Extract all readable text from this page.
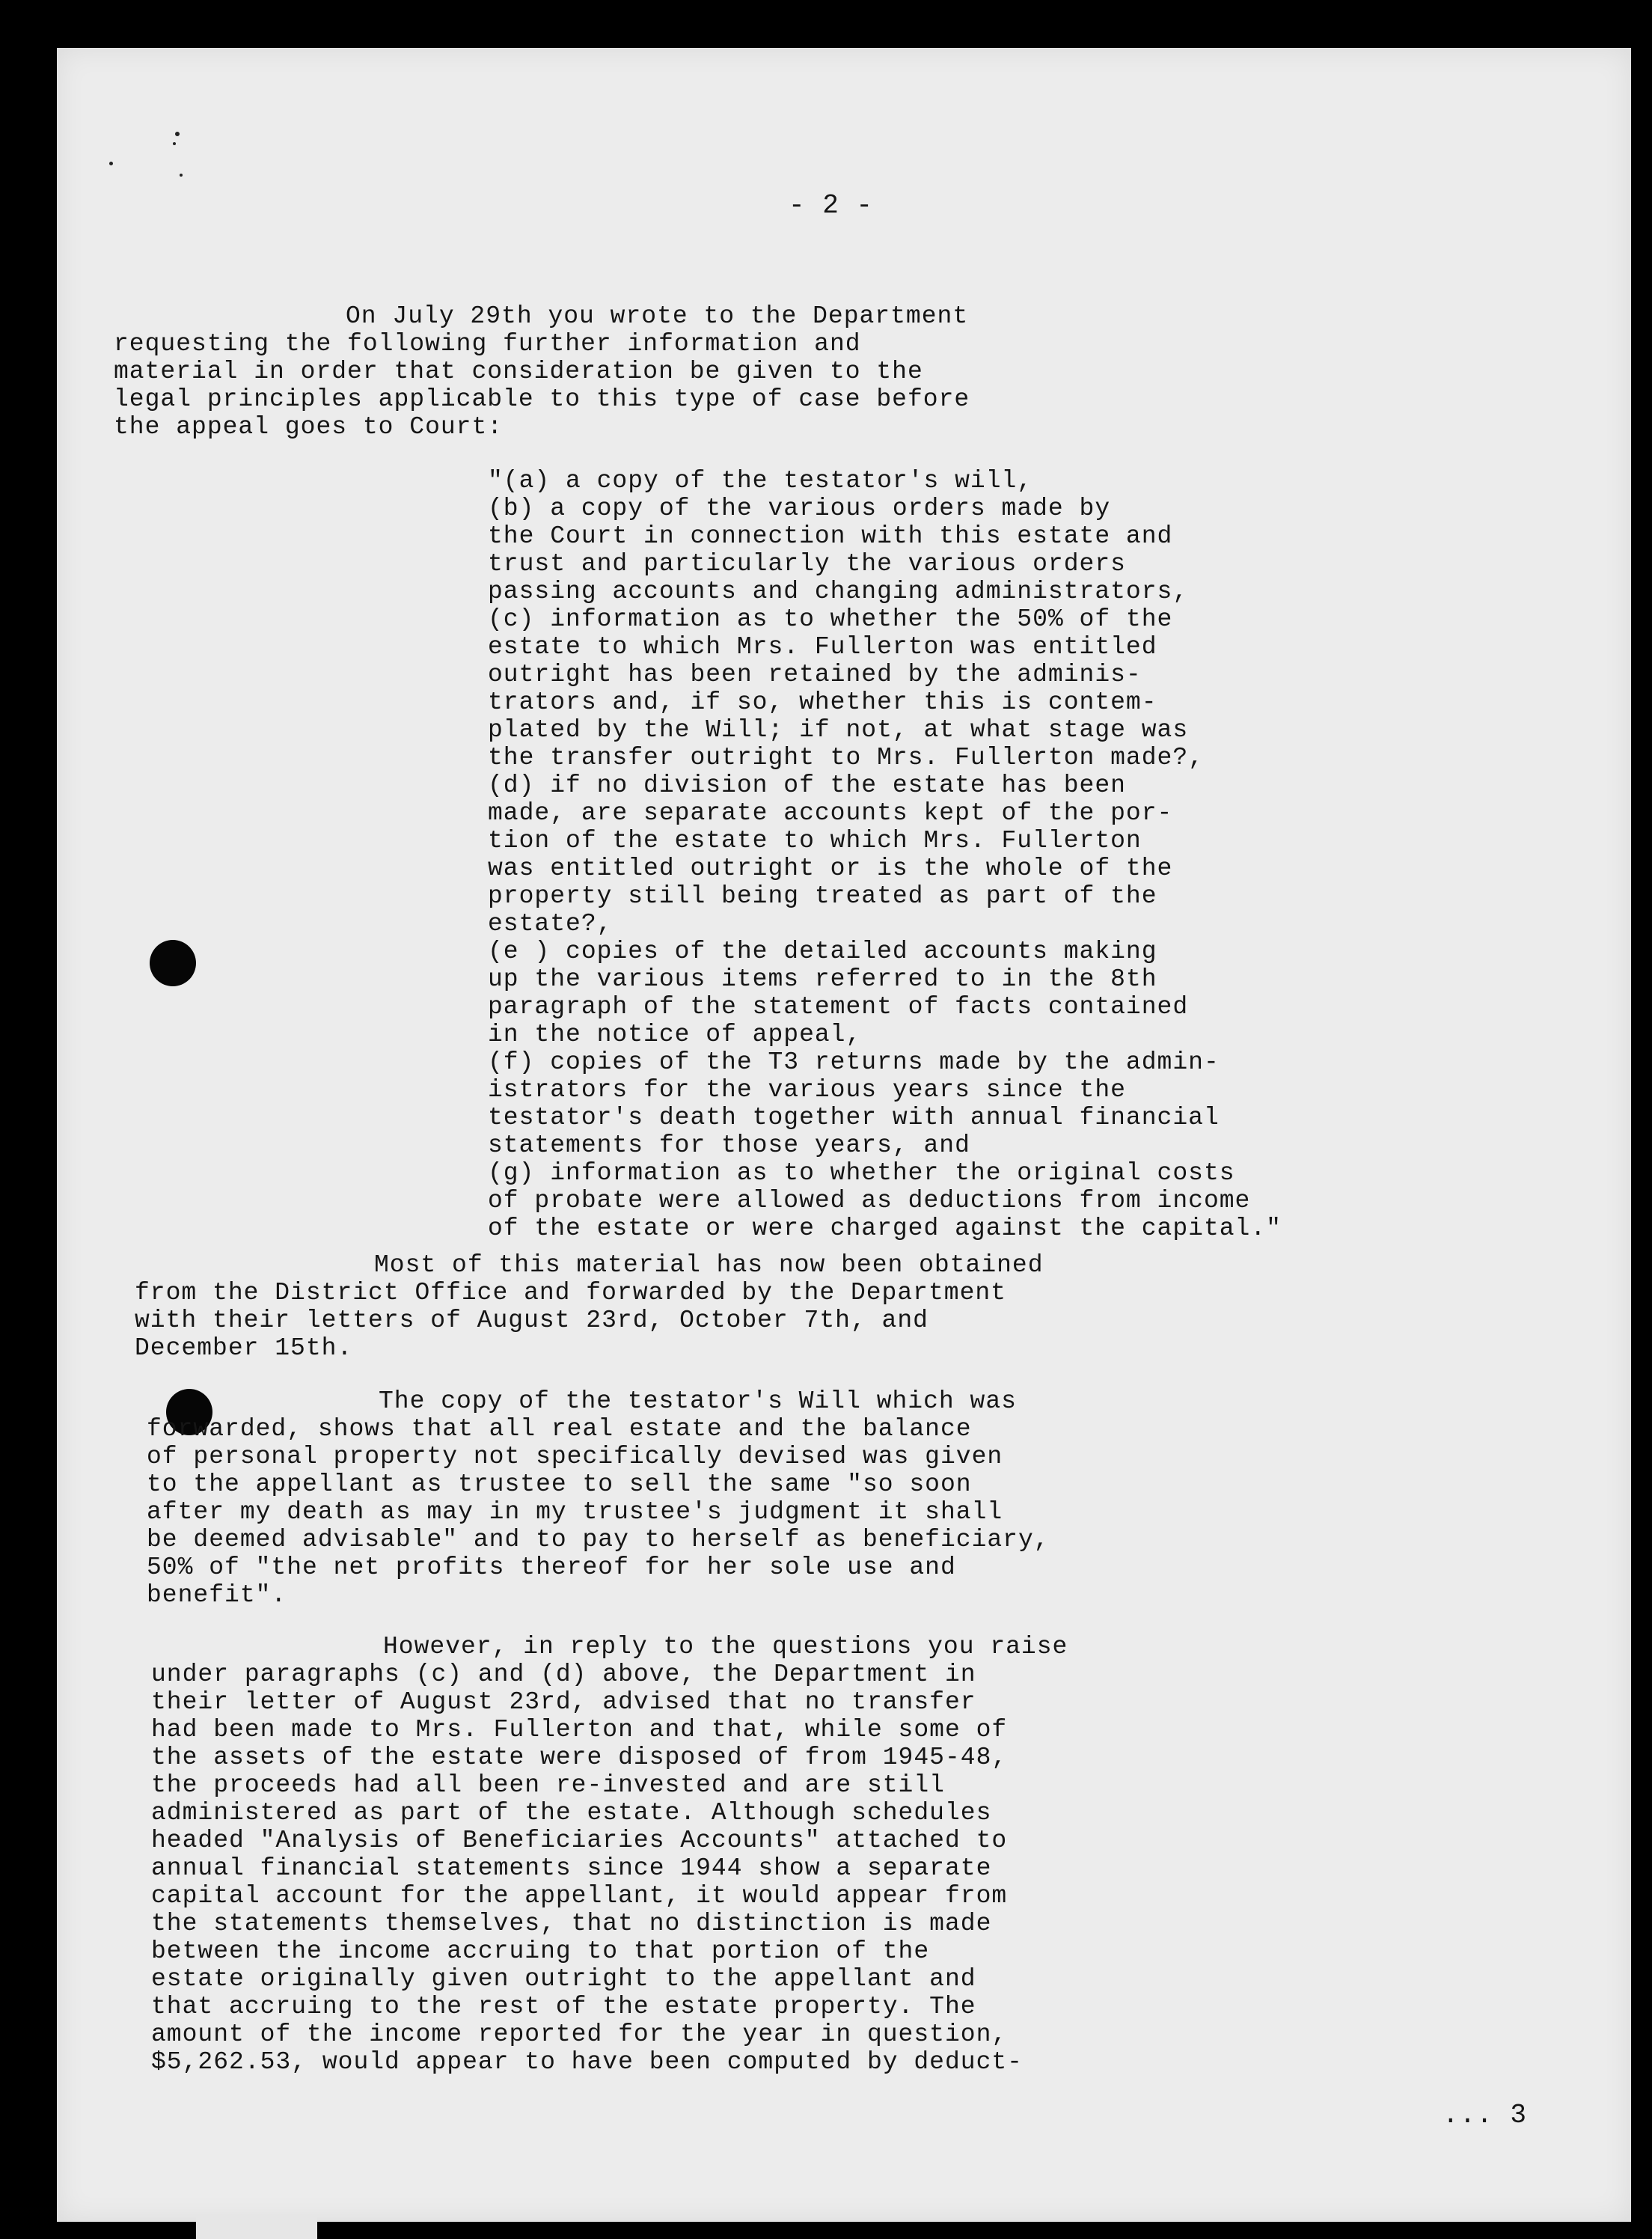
- 2 -
On July 29th you wrote to the Department
requesting the following further information and
material in order that consideration be given to the
legal principles applicable to this type of case before
the appeal goes to Court:
"(a) a copy of the testator's will,
(b) a copy of the various orders made by
the Court in connection with this estate and
trust and particularly the various orders
passing accounts and changing administrators,
(c) information as to whether the 50% of the
estate to which Mrs. Fullerton was entitled
outright has been retained by the adminis-
trators and, if so, whether this is contem-
plated by the Will; if not, at what stage was
the transfer outright to Mrs. Fullerton made?,
(d) if no division of the estate has been
made, are separate accounts kept of the por-
tion of the estate to which Mrs. Fullerton
was entitled outright or is the whole of the
property still being treated as part of the
estate?,
(e ) copies of the detailed accounts making
up the various items referred to in the 8th
paragraph of the statement of facts contained
in the notice of appeal,
(f) copies of the T3 returns made by the admin-
istrators for the various years since the
testator's death together with annual financial
statements for those years, and
(g) information as to whether the original costs
of probate were allowed as deductions from income
of the estate or were charged against the capital."
Most of this material has now been obtained
from the District Office and forwarded by the Department
with their letters of August 23rd, October 7th, and
December 15th.
The copy of the testator's Will which was
forwarded, shows that all real estate and the balance
of personal property not specifically devised was given
to the appellant as trustee to sell the same "so soon
after my death as may in my trustee's judgment it shall
be deemed advisable" and to pay to herself as beneficiary,
50% of "the net profits thereof for her sole use and
benefit".
However, in reply to the questions you raise
under paragraphs (c) and (d) above, the Department in
their letter of August 23rd, advised that no transfer
had been made to Mrs. Fullerton and that, while some of
the assets of the estate were disposed of from 1945-48,
the proceeds had all been re-invested and are still
administered as part of the estate. Although schedules
headed "Analysis of Beneficiaries Accounts" attached to
annual financial statements since 1944 show a separate
capital account for the appellant, it would appear from
the statements themselves, that no distinction is made
between the income accruing to that portion of the
estate originally given outright to the appellant and
that accruing to the rest of the estate property. The
amount of the income reported for the year in question,
$5,262.53, would appear to have been computed by deduct-
... 3
